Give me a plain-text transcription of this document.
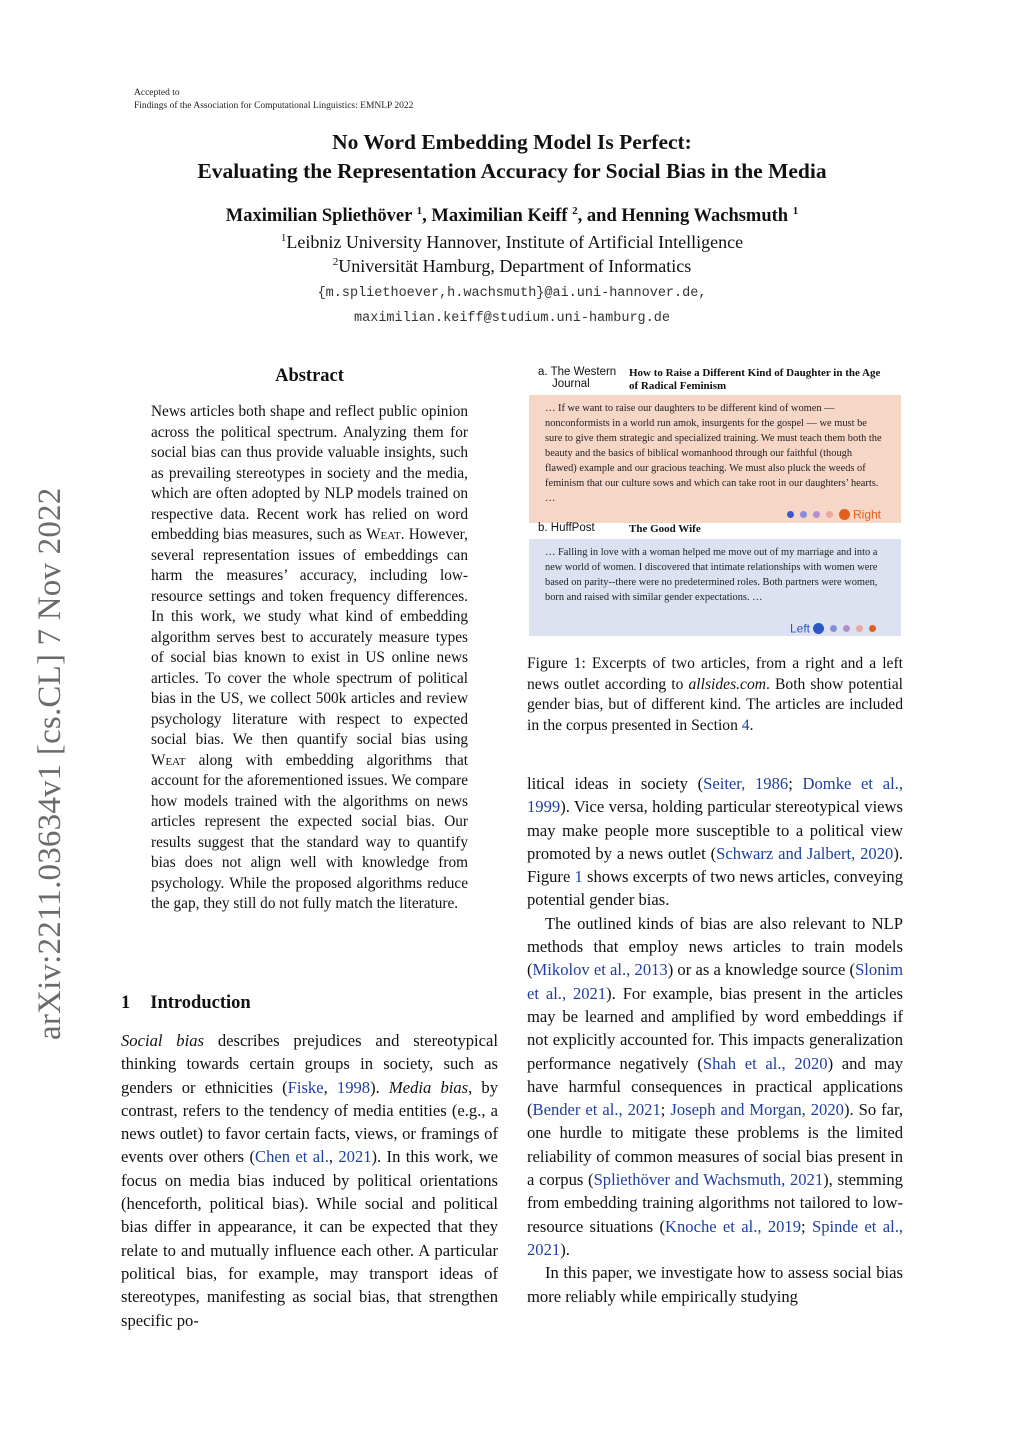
Accepted to
Findings of the Association for Computational Linguistics: EMNLP 2022
No Word Embedding Model Is Perfect:
Evaluating the Representation Accuracy for Social Bias in the Media
Maximilian Spliethöver $^1$, Maximilian Keiff $^2$, and Henning Wachsmuth $^1$
$^1$Leibniz University Hannover, Institute of Artificial Intelligence
$^2$Universität Hamburg, Department of Informatics
{m.spliethoever,h.wachsmuth}@ai.uni-hannover.de,
maximilian.keiff@studium.uni-hamburg.de
arXiv:2211.03634v1 [cs.CL] 7 Nov 2022
Abstract
News articles both shape and reflect public opinion across the political spectrum. Analyzing them for social bias can thus provide valuable insights, such as prevailing stereotypes in society and the media, which are often adopted by NLP models trained on respective data. Recent work has relied on word embedding bias measures, such as Weat. However, several representation issues of embeddings can harm the measures’ accuracy, including low-resource settings and token frequency differences. In this work, we study what kind of embedding algorithm serves best to accurately measure types of social bias known to exist in US online news articles. To cover the whole spectrum of political bias in the US, we collect 500k articles and review psychology literature with respect to expected social bias. We then quantify social bias using Weat along with embedding algorithms that account for the aforementioned issues. We compare how models trained with the algorithms on news articles represent the expected social bias. Our results suggest that the standard way to quantify bias does not align well with knowledge from psychology. While the proposed algorithms reduce the gap, they still do not fully match the literature.
1 Introduction

Social bias describes prejudices and stereotypical thinking towards certain groups in society, such as genders or ethnicities (Fiske, 1998). Media bias, by contrast, refers to the tendency of media entities (e.g., a news outlet) to favor certain facts, views, or framings of events over others (Chen et al., 2021). In this work, we focus on media bias induced by political orientations (henceforth, political bias). While social and political bias differ in appearance, it can be expected that they relate to and mutually influence each other. A particular political bias, for example, may transport ideas of stereotypes, manifesting as social bias, that strengthen specific po-

a. The Western
Journal
How to Raise a Different Kind of Daughter in the Age of Radical Feminism
… If we want to raise our daughters to be different kind of women — nonconformists in a world run amok, insurgents for the gospel — we must be sure to give them strategic and specialized training. We must teach them both the beauty and the basics of biblical womanhood through our faithful (though flawed) example and our gracious teaching. We must also pluck the weeds of feminism that our culture sows and which can take root in our daughters’ hearts. …
Right
b. HuffPost	The Good Wife
… Falling in love with a woman helped me move out of my marriage and into a new world of women. I discovered that intimate relationships with women were based on parity--there were no predetermined roles. Both partners were women, born and raised with similar gender expectations. …
Left
Figure 1: Excerpts of two articles, from a right and a left news outlet according to allsides.com. Both show potential gender bias, but of different kind. The articles are included in the corpus presented in Section 4.

litical ideas in society (Seiter, 1986; Domke et al., 1999). Vice versa, holding particular stereotypical views may make people more susceptible to a political view promoted by a news outlet (Schwarz and Jalbert, 2020). Figure 1 shows excerpts of two news articles, conveying potential gender bias.

The outlined kinds of bias are also relevant to NLP methods that employ news articles to train models (Mikolov et al., 2013) or as a knowledge source (Slonim et al., 2021). For example, bias present in the articles may be learned and amplified by word embeddings if not explicitly accounted for. This impacts generalization performance negatively (Shah et al., 2020) and may have harmful consequences in practical applications (Bender et al., 2021; Joseph and Morgan, 2020). So far, one hurdle to mitigate these problems is the limited reliability of common measures of social bias present in a corpus (Spliethöver and Wachsmuth, 2021), stemming from embedding training algorithms not tailored to low-resource situations (Knoche et al., 2019; Spinde et al., 2021).

In this paper, we investigate how to assess social bias more reliably while empirically studying
